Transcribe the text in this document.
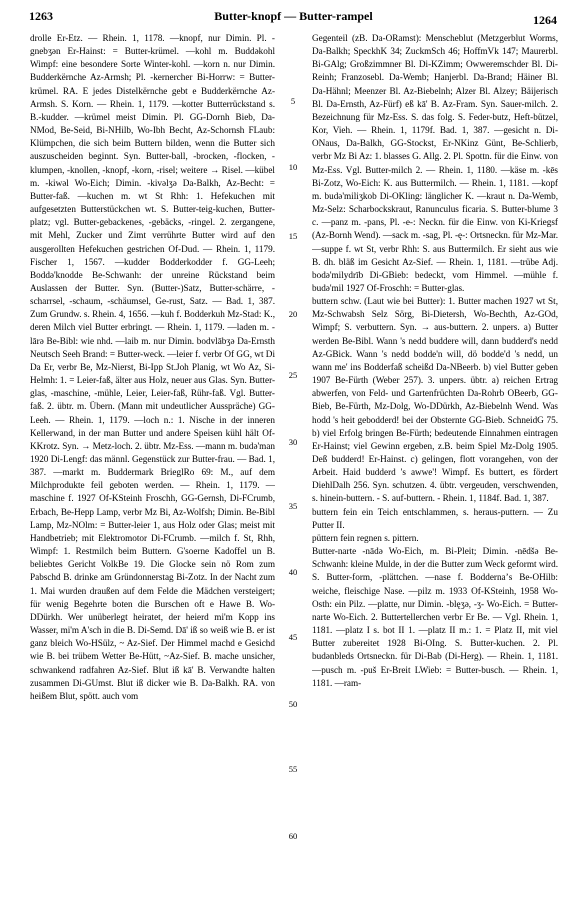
1263	Butter-knopf — Butter-rampel	1264

drolle Er-Etz. — Rhein. 1, 1178. —knopf, nur Dimin. Pl. -gnebʒən Er-Hainst: = Butter-krümel. —kohl m. Buddəkohl Wimpf: eine besondere Sorte Winter-kohl. —korn n. nur Dimin. Budderkërnche Az-Armsh; Pl. -kernercher Bi-Horrw: = Butter-krümel. RA. E jedes Distelkërnche gebt e Budderkërnche Az-Armsh. S. Korn. — Rhein. 1, 1179. —kotter Butterrückstand s. B.-kudder. —krümel meist Dimin. Pl. GG-Dornh Bieb, Da-NMod, Be-Seid, Bi-NHilb, Wo-Ibh Becht, Az-Schornsh FLaub: Klümpchen, die sich beim Buttern bilden, wenn die Butter sich auszuscheiden beginnt. Syn. Butter-ball, -brocken, -flocken, -klumpen, -knollen, -knopf, -korn, -risel; weitere → Risel. —kübel m. -kiwəl Wo-Eich; Dimin. -kivəlʒə Da-Balkh, Az-Becht: = Butter-faß. —kuchen m. wt St Rhh: 1. Hefekuchen mit aufgesetzten Butterstückchen wt. S. Butter-teig-kuchen, Butter-platz; vgl. Butter-gebackenes, -gebäcks, -ringel. 2. zergangene, mit Mehl, Zucker und Zimt verrührte Butter wird auf den ausgerollten Hefekuchen gestrichen Of-Dud. — Rhein. 1, 1179. Fischer 1, 1567. —kudder Bodderkodder f. GG-Leeh; Boddə'knodde Be-Schwanh: der unreine Rückstand beim Auslassen der Butter. Syn. (Butter-)Satz, Butter-schärre, -scharrsel, -schaum, -schäumsel, Ge-rust, Satz. — Bad. 1, 387. Zum Grundw. s. Rhein. 4, 1656. —kuh f. Bodderkuh Mz-Stad: K., deren Milch viel Butter erbringt. — Rhein. 1, 1179. —laden m. -lārə Be-Bibl: wie nhd. —laib m. nur Dimin. bodvlābʒə Da-Ernsth Neutsch Seeh Brand: = Butter-weck. —leier f. verbr Of GG, wt Di Da Er, verbr Be, Mz-Nierst, Bi-Ipp St.Joh Planig, wt Wo Az, Si-Helmh: 1. = Leier-faß, älter aus Holz, neuer aus Glas. Syn. Butter-glas, -maschine, -mühle, Leier, Leier-faß, Rühr-faß. Vgl. Butter-faß. 2. übtr. m. Übern. (Mann mit undeutlicher Ausspräche) GG-Leeh. — Rhein. 1, 1179. —loch n.: 1. Nische in der inneren Kellerwand, in der man Butter und andere Speisen kühl hält Of-KKrotz. Syn. → Metz-loch. 2. übtr. Mz-Ess. —mann m. budə'man 1920 Di-Lengf: das männl. Gegenstück zur Butter-frau. — Bad. 1, 387. —markt m. Buddermark BrieglRo 69: M., auf dem Milchprodukte feil geboten werden. — Rhein. 1, 1179. —maschine f. 1927 Of-KSteinh Froschh, GG-Gernsh, Di-FCrumb, Erbach, Be-Hepp Lamp, verbr Mz Bi, Az-Wolfsh; Dimin. Be-Bibl Lamp, Mz-NOlm: = Butter-leier 1, aus Holz oder Glas; meist mit Handbetrieb; mit Elektromotor Di-FCrumb. —milch f. St, Rhh, Wimpf: 1. Restmilch beim Buttern. G'soerne Kadoffel un B. beliebtes Gericht VolkBe 19. Die Glocke sein nö Rom zum Pabschd B. drinke am Gründonnerstag Bi-Zotz. In der Nacht zum 1. Mai wurden draußen auf dem Felde die Mädchen versteigert; für wenig Begehrte boten die Burschen oft e Hawe B. Wo-DDürkh. Wer unüberlegt heiratet, der heierd mi'm Kopp ins Wasser, mi'm A'sch in die B. Di-Semd. Dā' iß so weiß wie B. er ist ganz bleich Wo-HSülz, ~ Az-Sief. Der Himmel machd e Gesichd wie B. bei trübem Wetter Be-Hütt, ~Az-Sief. B. mache unsicher, schwankend radfahren Az-Sief. Blut iß kā' B. Verwandte halten zusammen Di-GUmst. Blut iß dicker wie B. Da-Balkh. RA. von heißem Blut, spött. auch vom

5
10
15
20
25
30
35
40
45
50
55
60

Gegenteil (zB. Da-ORamst): Menscheblut (Metzgerblut Worms, Da-Balkh; SpeckhK 34; ZuckmSch 46; HoffmVk 147; Maurerbl. Bi-GAlg; Großzimmner Bl. Di-KZimm; Owweremschder Bl. Di-Reinh; Franzosebl. Da-Wemb; Hanjerbl. Da-Brand; Häiner Bl. Da-Hähnl; Meenzer Bl. Az-Biebelnh; Alzer Bl. Alzey; Bäijerisch Bl. Da-Ernsth, Az-Fürf) eß kā' B. Az-Fram. Syn. Sauer-milch. 2. Bezeichnung für Mz-Ess. S. das folg. S. Feder-butz, Heft-bützel, Kor, Vieh. — Rhein. 1, 1179f. Bad. 1, 387. —gesicht n. Di-ONaus, Da-Balkh, GG-Stockst, Er-NKinz Günt, Be-Schlierb, verbr Mz Bi Az: 1. blasses G. Allg. 2. Pl. Spottn. für die Einw. von Mz-Ess. Vgl. Butter-milch 2. — Rhein. 1, 1180. —käse m. -kēs Bi-Zotz, Wo-Eich: K. aus Buttermilch. — Rhein. 1, 1181. —kopf m. budə'miliʒkob Di-OKling: länglicher K. —kraut n. Da-Wemb, Mz-Selz: Scharbockskraut, Ranunculus ficaria. S. Butter-blume 3 c. —panz m. -pans, Pl. -e-: Neckn. für die Einw. von Ki-Kriegsf (Az-Bornh Wend). —sack m. -sag, Pl. -ę-: Ortsneckn. für Mz-Mar. —suppe f. wt St, verbr Rhh: S. aus Buttermilch. Er sieht aus wie B. dh. bläß im Gesicht Az-Sief. — Rhein. 1, 1181. —trübe Adj. bodə'milydrīb Di-GBieb: bedeckt, vom Himmel. —mühle f. budə'mil 1927 Of-Froschh: = Butter-glas.

buttern schw. (Laut wie bei Butter): 1. Butter machen 1927 wt St, Mz-Schwabsh Selz Sörg, Bi-Dietersh, Wo-Bechth, Az-GOd, Wimpf; S. verbuttern. Syn. → aus-buttern. 2. unpers. a) Butter werden Be-Bibl. Wann 's nedd buddere will, dann budderd's nedd Az-GBick. Wann 's nedd bodde'n will, dö bodde'd 's nedd, un wann me' ins Bodderfaß scheißd Da-NBeerb. b) viel Butter geben 1907 Be-Fürth (Weber 257). 3. unpers. übtr. a) reichen Ertrag abwerfen, von Feld- und Gartenfrüchten Da-Rohrb OBeerb, GG-Bieb, Be-Fürth, Mz-Dolg, Wo-DDürkh, Az-Biebelnh Wend. Was hodd 's heit gebodderd! bei der Obsternte GG-Bieb. SchneidG 75. b) viel Erfolg bringen Be-Fürth; bedeutende Einnahmen eintragen Er-Hainst; viel Gewinn ergeben, z.B. beim Spiel Mz-Dolg 1905. Deß budderd! Er-Hainst. c) gelingen, flott vorangehen, von der Arbeit. Haid budderd 's awwe'! Wimpf. Es buttert, es fördert DiehlDalh 256. Syn. schutzen. 4. übtr. vergeuden, verschwenden, s. hinein-buttern. - S. auf-buttern. - Rhein. 1, 1184f. Bad. 1, 387.

buttern fein ein Teich entschlammen, s. heraus-puttern. — Zu Putter II.

püttern fein regnen s. pittern.

Butter-narte -nādə Wo-Eich, m. Bi-Pleit; Dimin. -nēdšə Be-Schwanh: kleine Mulde, in der die Butter zum Weck geformt wird. S. Butter-form, -plättchen. —nase f. Boddernaʼs Be-OHilb: weiche, fleischige Nase. —pilz m. 1933 Of-KSteinh, 1958 Wo-Osth: ein Pilz. —platte, nur Dimin. -blęʒə, -ʒ- Wo-Eich. = Butter-narte Wo-Eich. 2. Buttertellerchen verbr Er Be. — Vgl. Rhein. 1, 1181. —platz I s. bot II 1. —platz II m.: 1. = Platz II, mit viel Butter zubereitet 1928 Bi-OIng. S. Butter-kuchen. 2. Pl. budənbleds Ortsneckn. für Di-Bab (Di-Herg). — Rhein. 1, 1181. —pusch m. -puš Er-Breit LWieb: = Butter-busch. — Rhein. 1, 1181. —ram-
